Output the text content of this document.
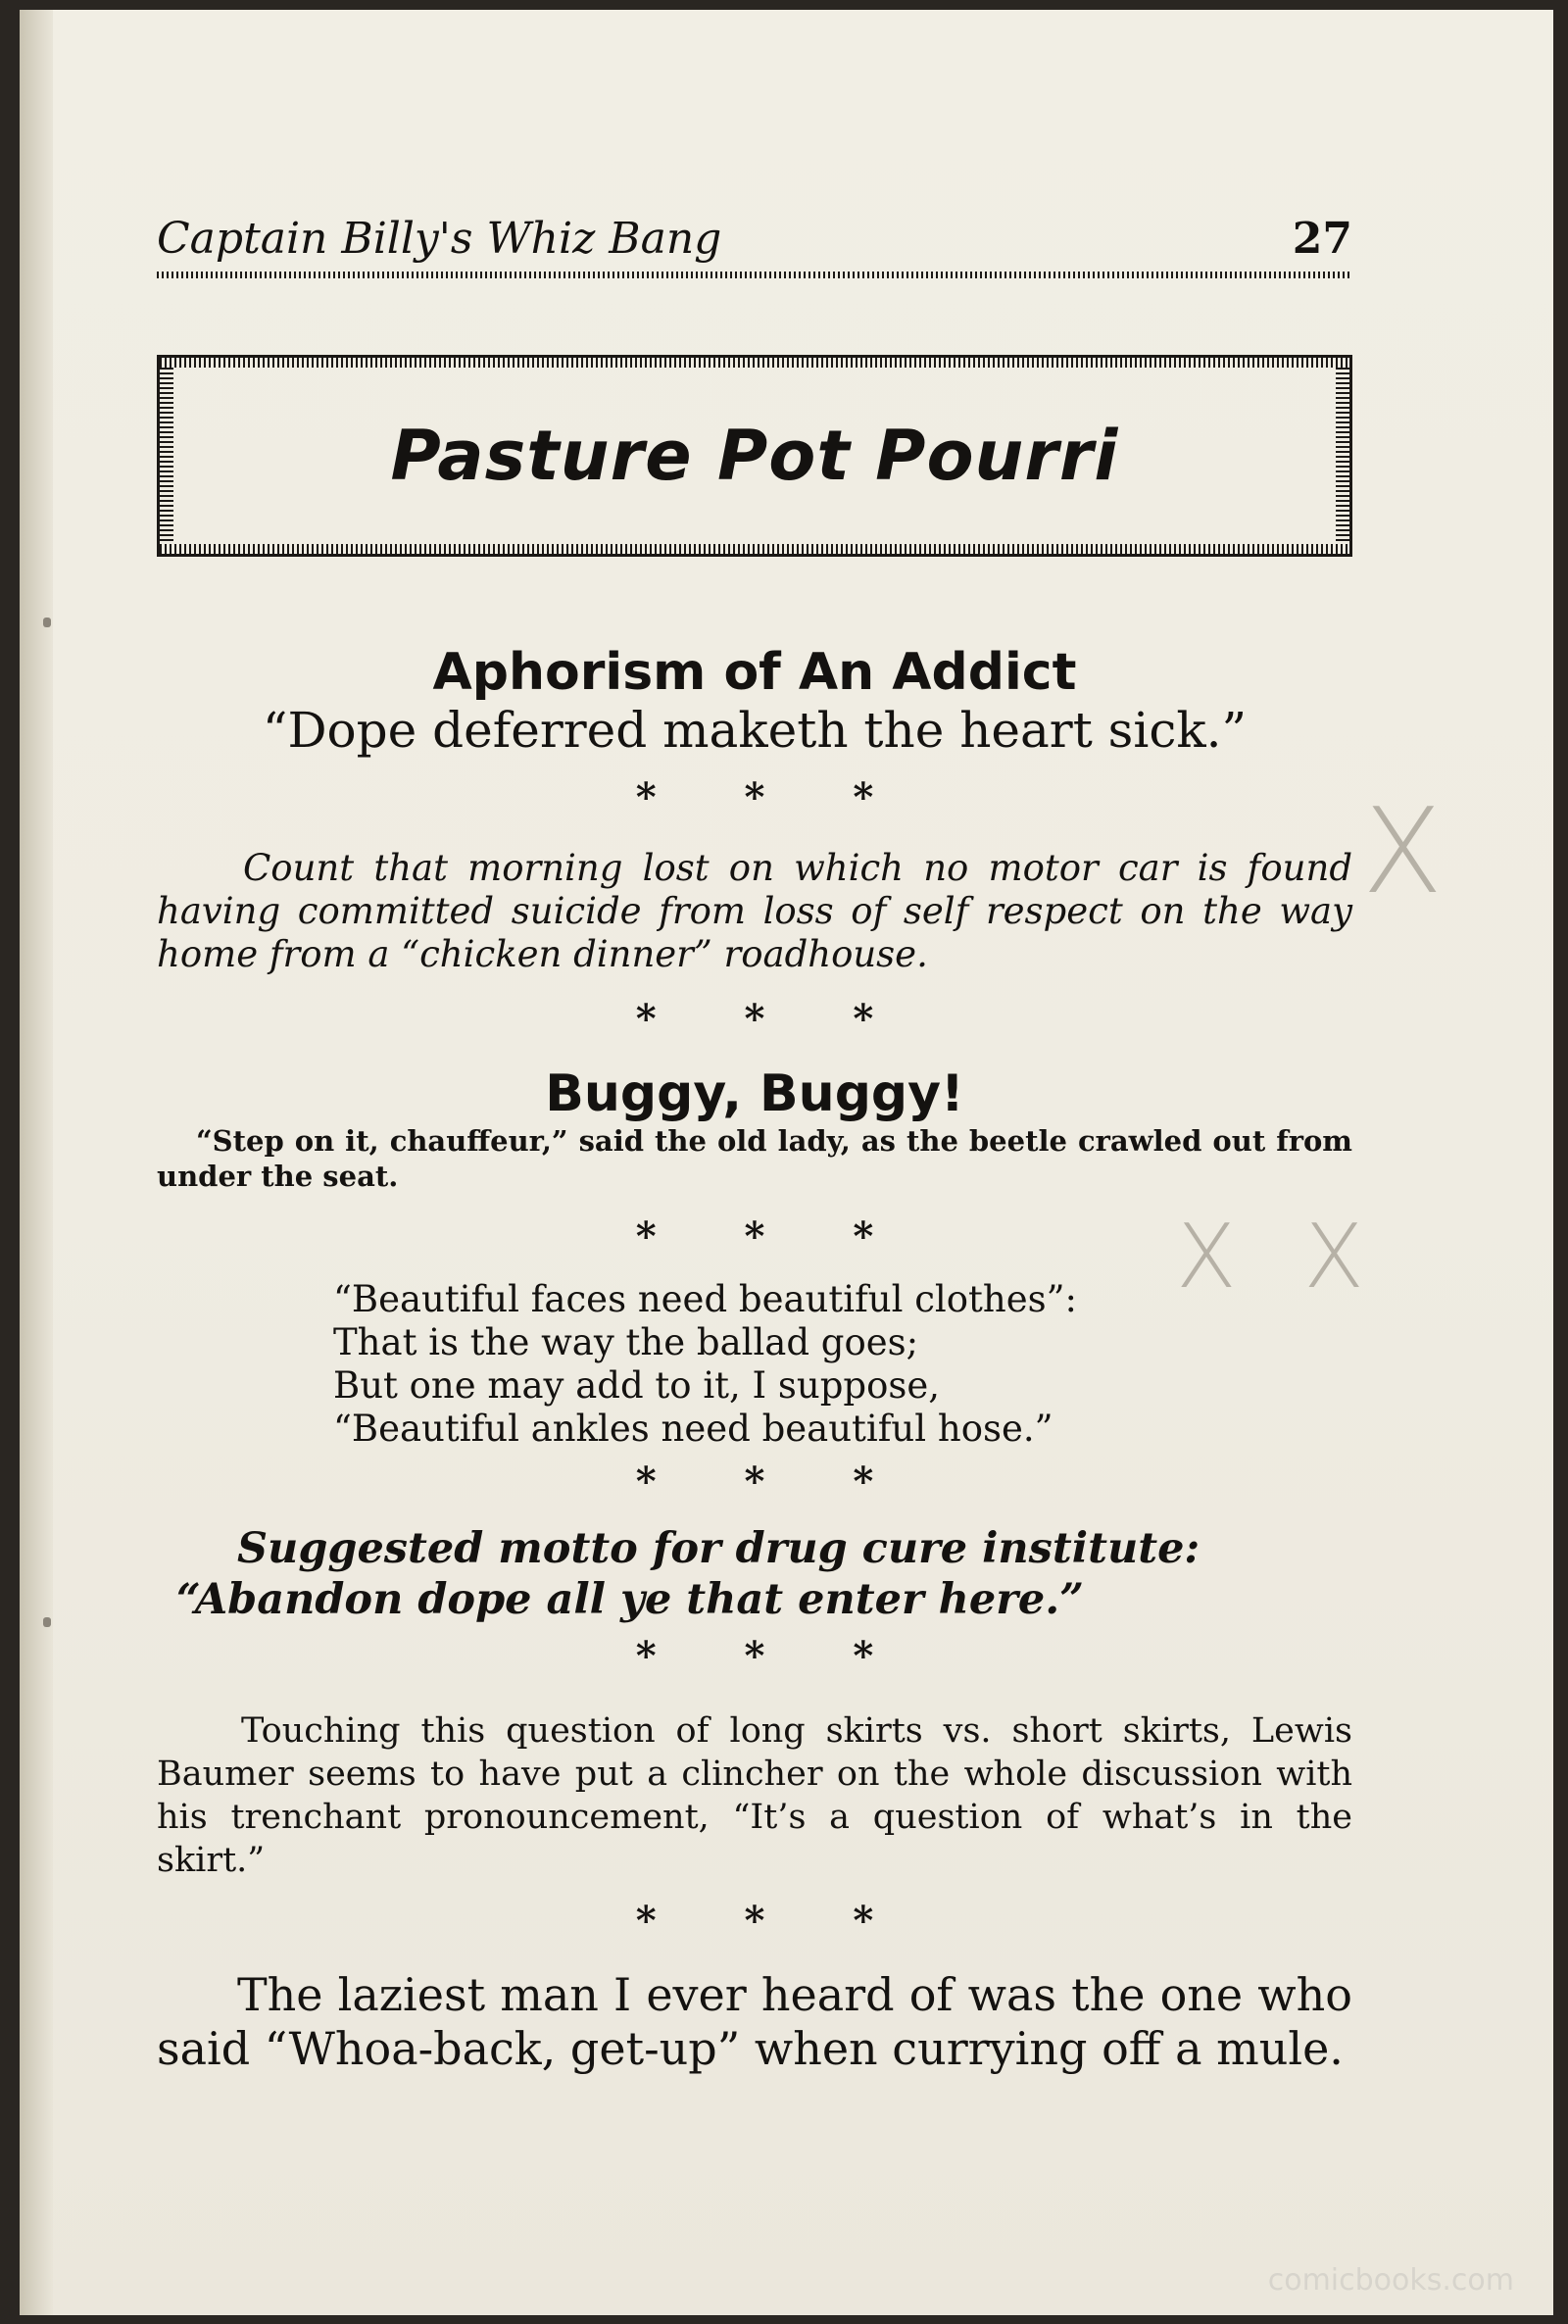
Captain Billy's Whiz Bang	27
Pasture Pot Pourri

Aphorism of An Addict

“Dope deferred maketh the heart sick.”

* * *

Count that morning lost on which no motor car is found having committed suicide from loss of self respect on the way home from a “chicken dinner” roadhouse.

* * *

Buggy, Buggy!

“Step on it, chauffeur,” said the old lady, as the beetle crawled out from under the seat.

* * *

“Beautiful faces need beautiful clothes”:
That is the way the ballad goes;
But one may add to it, I suppose,
“Beautiful ankles need beautiful hose.”

* * *

Suggested motto for drug cure institute:

“Abandon dope all ye that enter here.”

* * *

Touching this question of long skirts vs. short skirts, Lewis Baumer seems to have put a clincher on the whole discussion with his trenchant pronouncement, “It’s a question of what’s in the skirt.”

* * *

The laziest man I ever heard of was the one who said “Whoa-back, get-up” when currying off a mule.

X
X X
comicbooks.com
